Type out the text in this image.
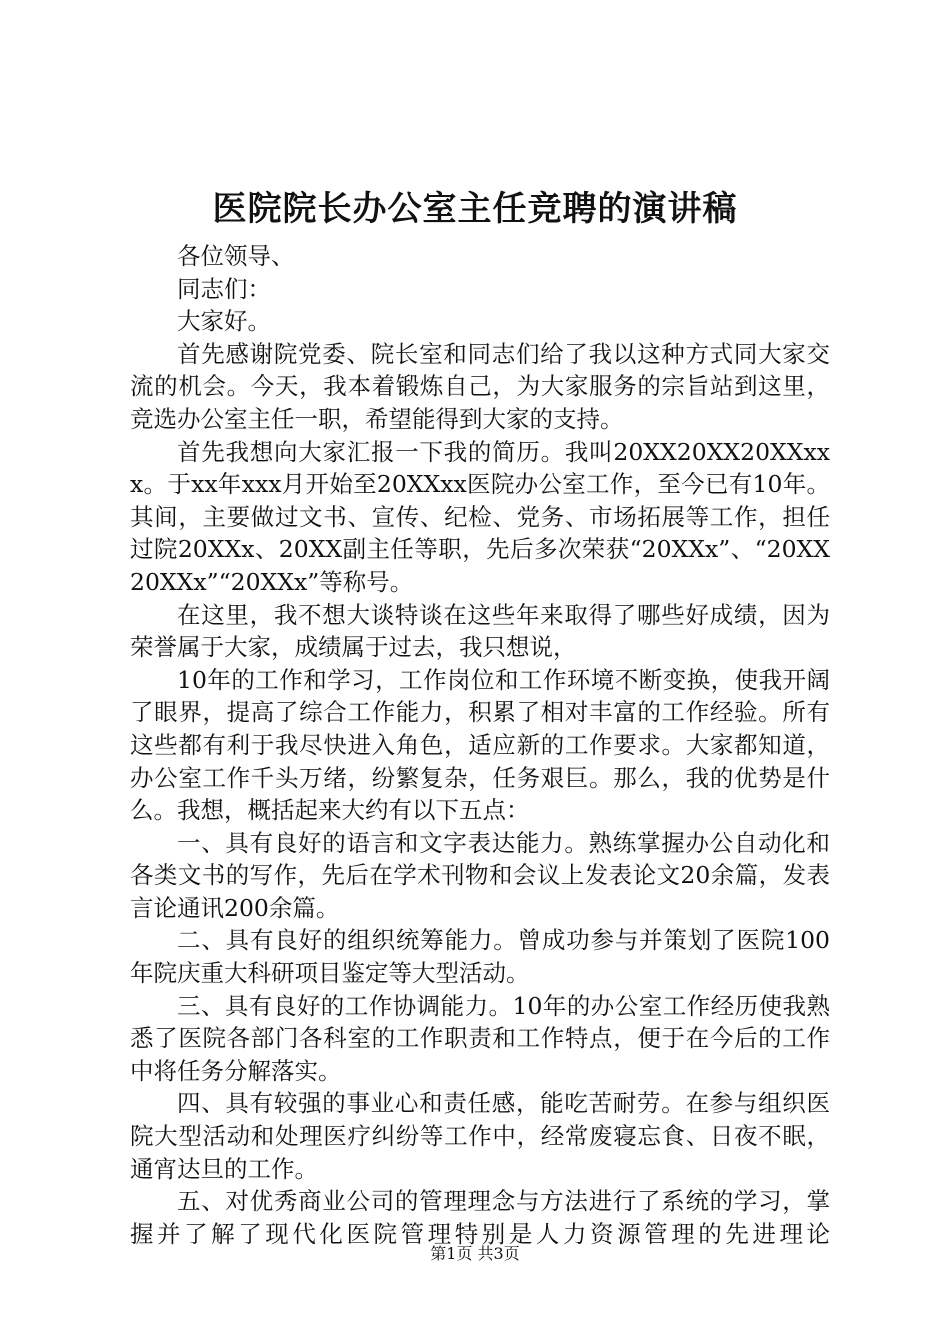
医院院长办公室主任竞聘的演讲稿

各位领导、

同志们：

大家好。

首先感谢院党委、院长室和同志们给了我以这种方式同大家交流的机会。今天，我本着锻炼自己，为大家服务的宗旨站到这里，竞选办公室主任一职，希望能得到大家的支持。

首先我想向大家汇报一下我的简历。我叫20XX20XX20XXxxx。于xx年xxx月开始至20XXxx医院办公室工作，至今已有10年。其间，主要做过文书、宣传、纪检、党务、市场拓展等工作，担任过院20XXx、20XX副主任等职，先后多次荣获“20XXx”、“20XX20XXx”“20XXx”等称号。

在这里，我不想大谈特谈在这些年来取得了哪些好成绩，因为荣誉属于大家，成绩属于过去，我只想说，

10年的工作和学习，工作岗位和工作环境不断变换，使我开阔了眼界，提高了综合工作能力，积累了相对丰富的工作经验。所有这些都有利于我尽快进入角色，适应新的工作要求。大家都知道，办公室工作千头万绪，纷繁复杂，任务艰巨。那么，我的优势是什么。我想，概括起来大约有以下五点：

一、具有良好的语言和文字表达能力。熟练掌握办公自动化和各类文书的写作，先后在学术刊物和会议上发表论文20余篇，发表言论通讯200余篇。

二、具有良好的组织统筹能力。曾成功参与并策划了医院100年院庆重大科研项目鉴定等大型活动。

三、具有良好的工作协调能力。10年的办公室工作经历使我熟悉了医院各部门各科室的工作职责和工作特点，便于在今后的工作中将任务分解落实。

四、具有较强的事业心和责任感，能吃苦耐劳。在参与组织医院大型活动和处理医疗纠纷等工作中，经常废寝忘食、日夜不眠，通宵达旦的工作。

五、对优秀商业公司的管理理念与方法进行了系统的学习，掌握并了解了现代化医院管理特别是人力资源管理的先进理论

第1页 共3页
